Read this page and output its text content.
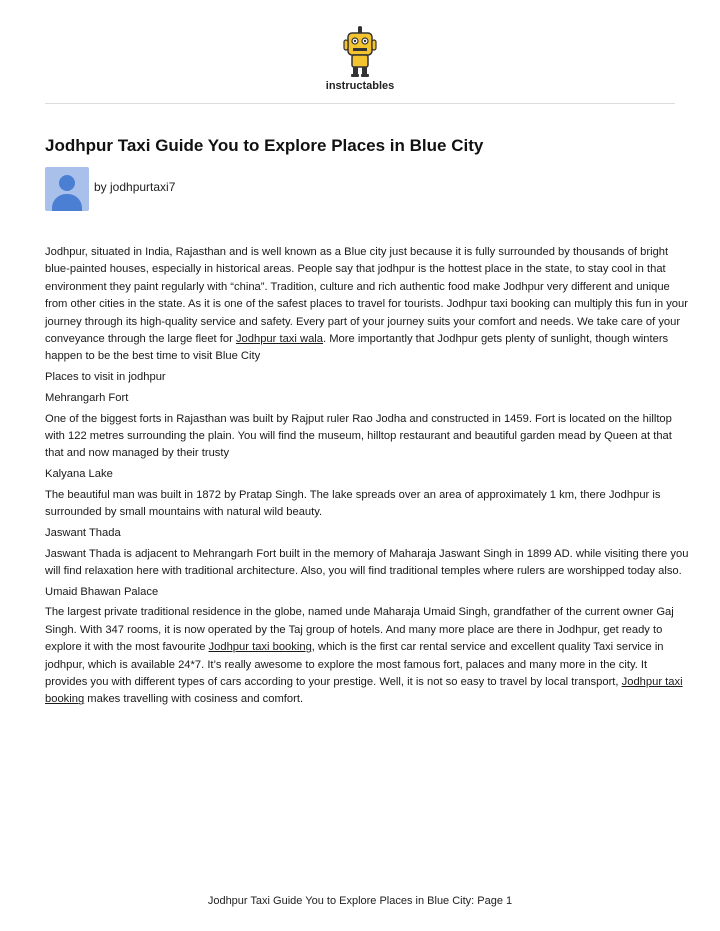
instructables
Jodhpur Taxi Guide You to Explore Places in Blue City
by jodhpurtaxi7

Jodhpur, situated in India, Rajasthan and is well known as a Blue city just because it is fully surrounded by thousands of bright blue-painted houses, especially in historical areas. People say that jodhpur is the hottest place in the state, to stay cool in that environment they paint regularly with “china”. Tradition, culture and rich authentic food make Jodhpur very different and unique from other cities in the state. As it is one of the safest places to travel for tourists. Jodhpur taxi booking can multiply this fun in your journey through its high-quality service and safety. Every part of your journey suits your comfort and needs. We take care of your conveyance through the large fleet for Jodhpur taxi wala. More importantly that Jodhpur gets plenty of sunlight, though winters happen to be the best time to visit Blue City

Places to visit in jodhpur

Mehrangarh Fort

One of the biggest forts in Rajasthan was built by Rajput ruler Rao Jodha and constructed in 1459. Fort is located on the hilltop with 122 metres surrounding the plain. You will find the museum, hilltop restaurant and beautiful garden mead by Queen at that that and now managed by their trusty

Kalyana Lake

The beautiful man was built in 1872 by Pratap Singh. The lake spreads over an area of approximately 1 km, there Jodhpur is surrounded by small mountains with natural wild beauty.

Jaswant Thada

Jaswant Thada is adjacent to Mehrangarh Fort built in the memory of Maharaja Jaswant Singh in 1899 AD. while visiting there you will find relaxation here with traditional architecture. Also, you will find traditional temples where rulers are worshipped today also.

Umaid Bhawan Palace

The largest private traditional residence in the globe, named unde Maharaja Umaid Singh, grandfather of the current owner Gaj Singh. With 347 rooms, it is now operated by the Taj group of hotels. And many more place are there in Jodhpur, get ready to explore it with the most favourite Jodhpur taxi booking, which is the first car rental service and excellent quality Taxi service in jodhpur, which is available 24*7. It’s really awesome to explore the most famous fort, palaces and many more in the city. It provides you with different types of cars according to your prestige. Well, it is not so easy to travel by local transport, Jodhpur taxi booking makes travelling with cosiness and comfort.

Jodhpur Taxi Guide You to Explore Places in Blue City: Page 1
